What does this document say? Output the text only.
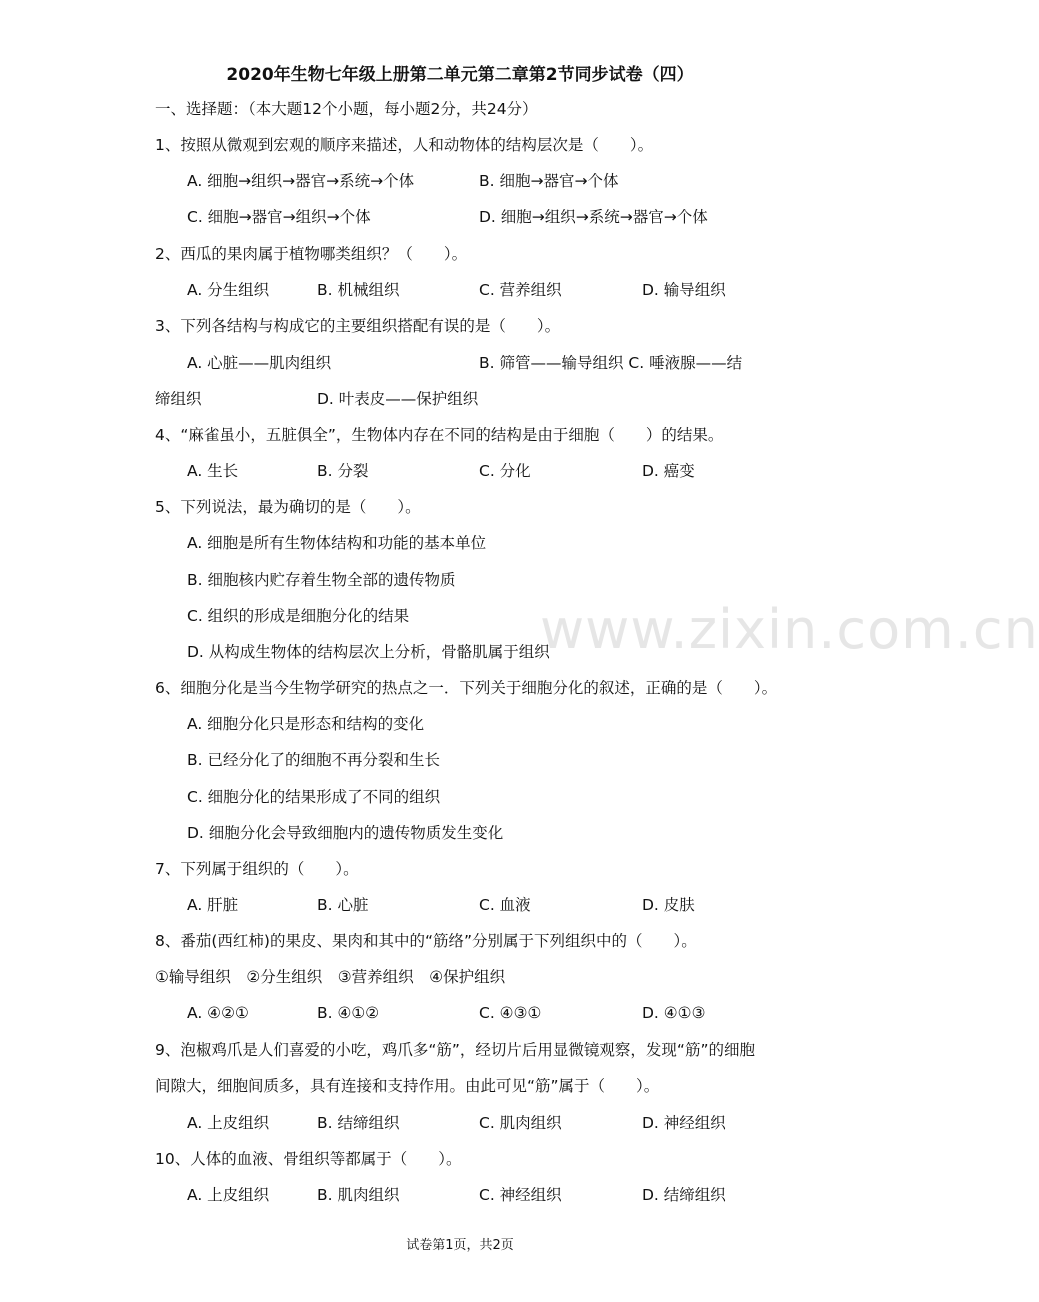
www.zixin.com.cn
2020年生物七年级上册第二单元第二章第2节同步试卷（四）
一、选择题：（本大题12个小题，每小题2分，共24分）
1、按照从微观到宏观的顺序来描述，人和动物体的结构层次是（　　）。
A. 细胞→组织→器官→系统→个体	B. 细胞→器官→个体
C. 细胞→器官→组织→个体	D. 细胞→组织→系统→器官→个体
2、西瓜的果肉属于植物哪类组织？（　　）。
A. 分生组织	B. 机械组织	C. 营养组织	D. 输导组织
3、下列各结构与构成它的主要组织搭配有误的是（　　）。
A. 心脏——肌肉组织	B. 筛管——输导组织 C. 唾液腺——结
缔组织	D. 叶表皮——保护组织
4、“麻雀虽小，五脏俱全”，生物体内存在不同的结构是由于细胞（　　）的结果。
A. 生长	B. 分裂	C. 分化	D. 癌变
5、下列说法，最为确切的是（　　）。
A. 细胞是所有生物体结构和功能的基本单位
B. 细胞核内贮存着生物全部的遗传物质
C. 组织的形成是细胞分化的结果
D. 从构成生物体的结构层次上分析，骨骼肌属于组织
6、细胞分化是当今生物学研究的热点之一．下列关于细胞分化的叙述，正确的是（　　）。
A. 细胞分化只是形态和结构的变化
B. 已经分化了的细胞不再分裂和生长
C. 细胞分化的结果形成了不同的组织
D. 细胞分化会导致细胞内的遗传物质发生变化
7、下列属于组织的（　　）。
A. 肝脏	B. 心脏	C. 血液	D. 皮肤
8、番茄(西红柿)的果皮、果肉和其中的“筋络”分别属于下列组织中的（　　）。
①输导组织　②分生组织　③营养组织　④保护组织
A. ④②①	B. ④①②	C. ④③①	D. ④①③
9、泡椒鸡爪是人们喜爱的小吃，鸡爪多“筋”，经切片后用显微镜观察，发现“筋”的细胞
间隙大，细胞间质多，具有连接和支持作用。由此可见“筋”属于（　　）。
A. 上皮组织	B. 结缔组织	C. 肌肉组织	D. 神经组织
10、人体的血液、骨组织等都属于（　　）。
A. 上皮组织	B. 肌肉组织	C. 神经组织	D. 结缔组织
试卷第1页，共2页
